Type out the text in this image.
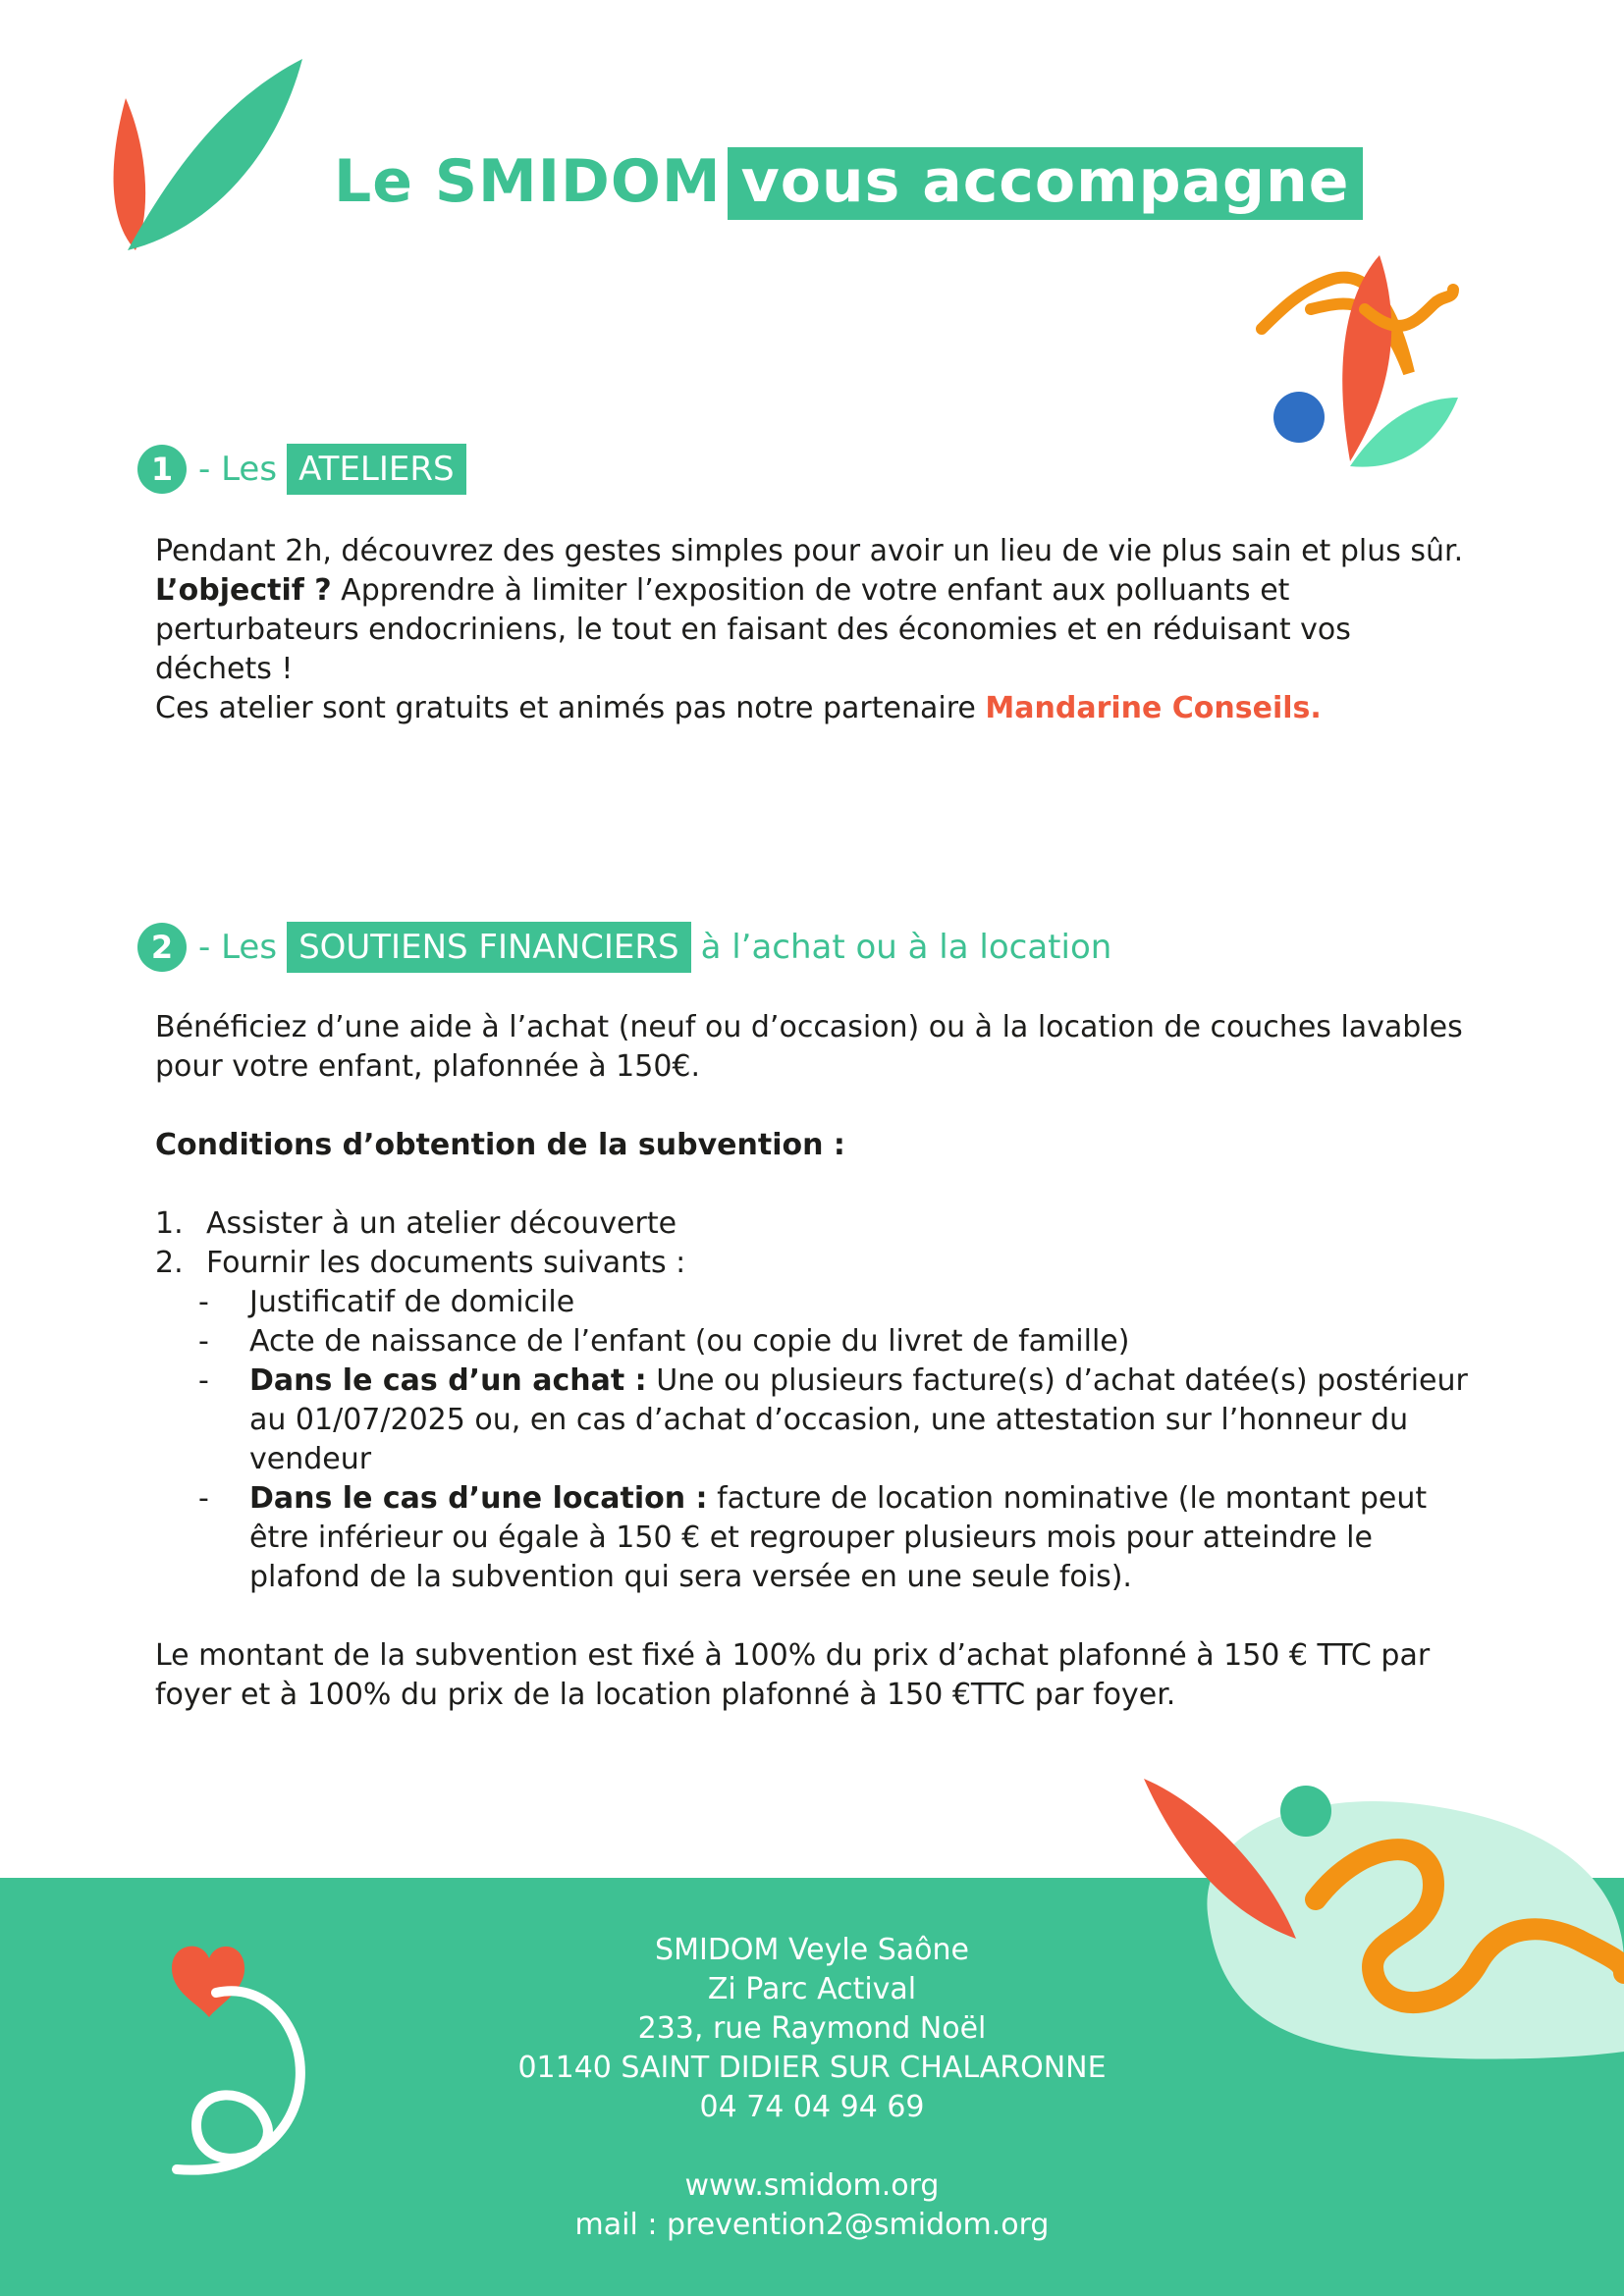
Le SMIDOM vous accompagne
1 - Les ATELIERS

Pendant 2h, découvrez des gestes simples pour avoir un lieu de vie plus sain et plus sûr.

L’objectif ? Apprendre à limiter l’exposition de votre enfant aux polluants et perturbateurs endocriniens, le tout en faisant des économies et en réduisant vos déchets !

Ces atelier sont gratuits et animés pas notre partenaire Mandarine Conseils.

2 - Les SOUTIENS FINANCIERS à l’achat ou à la location

Bénéficiez d’une aide à l’achat (neuf ou d’occasion) ou à la location de couches lavables pour votre enfant, plafonnée à 150€.

Conditions d’obtention de la subvention :

1. Assister à un atelier découverte
2. Fournir les documents suivants :
- Justificatif de domicile
- Acte de naissance de l’enfant (ou copie du livret de famille)
- Dans le cas d’un achat : Une ou plusieurs facture(s) d’achat datée(s) postérieur au 01/07/2025 ou, en cas d’achat d’occasion, une attestation sur l’honneur du vendeur
- Dans le cas d’une location : facture de location nominative (le montant peut être inférieur ou égale à 150 € et regrouper plusieurs mois pour atteindre le plafond de la subvention qui sera versée en une seule fois).

Le montant de la subvention est fixé à 100% du prix d’achat plafonné à 150 € TTC par foyer et à 100% du prix de la location plafonné à 150 €TTC par foyer.

SMIDOM Veyle Saône
Zi Parc Actival
233, rue Raymond Noël
01140 SAINT DIDIER SUR CHALARONNE
04 74 04 94 69
www.smidom.org
mail : prevention2@smidom.org
